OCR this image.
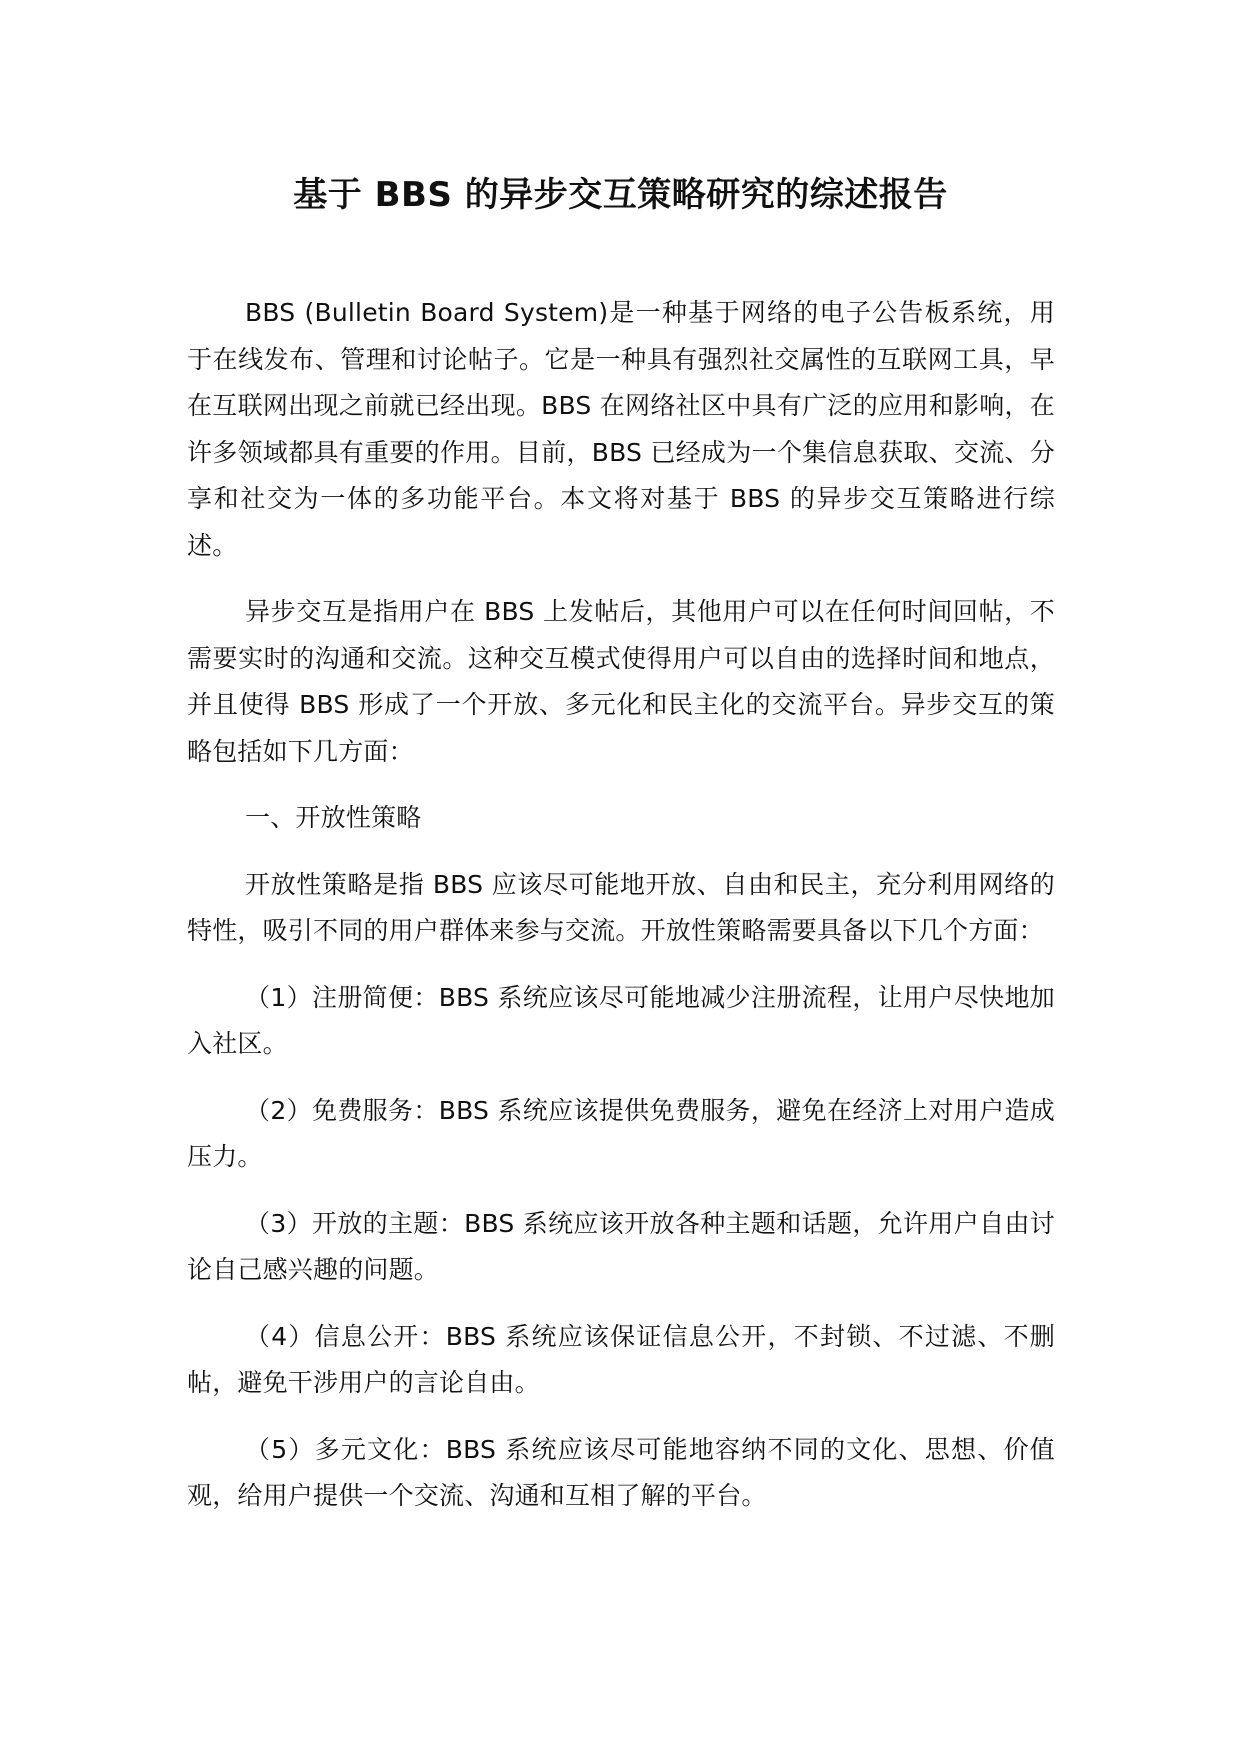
基于 BBS 的异步交互策略研究的综述报告

BBS (Bulletin Board System)是一种基于网络的电子公告板系统，用于在线发布、管理和讨论帖子。它是一种具有强烈社交属性的互联网工具，早在互联网出现之前就已经出现。BBS 在网络社区中具有广泛的应用和影响，在许多领域都具有重要的作用。目前，BBS 已经成为一个集信息获取、交流、分享和社交为一体的多功能平台。本文将对基于 BBS 的异步交互策略进行综述。

异步交互是指用户在 BBS 上发帖后，其他用户可以在任何时间回帖，不需要实时的沟通和交流。这种交互模式使得用户可以自由的选择时间和地点，并且使得 BBS 形成了一个开放、多元化和民主化的交流平台。异步交互的策略包括如下几方面：

一、开放性策略

开放性策略是指 BBS 应该尽可能地开放、自由和民主，充分利用网络的特性，吸引不同的用户群体来参与交流。开放性策略需要具备以下几个方面：

（1）注册简便：BBS 系统应该尽可能地减少注册流程，让用户尽快地加入社区。

（2）免费服务：BBS 系统应该提供免费服务，避免在经济上对用户造成压力。

（3）开放的主题：BBS 系统应该开放各种主题和话题，允许用户自由讨论自己感兴趣的问题。

（4）信息公开：BBS 系统应该保证信息公开，不封锁、不过滤、不删帖，避免干涉用户的言论自由。

（5）多元文化：BBS 系统应该尽可能地容纳不同的文化、思想、价值观，给用户提供一个交流、沟通和互相了解的平台。
